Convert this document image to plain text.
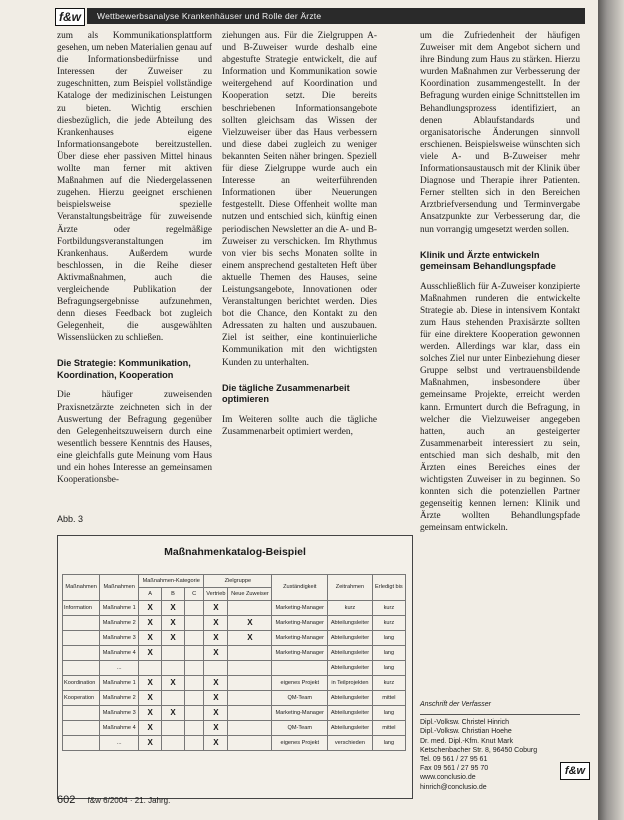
f&w	Wettbewerbsanalyse Krankenhäuser und Rolle der Ärzte

zum als Kommunikationsplattform gesehen, um neben Materialien genau auf die Informationsbedürfnisse und Interessen der Zuweiser zu zugeschnitten, zum Beispiel vollständige Kataloge der medizinischen Leistungen zu bieten. Wichtig erschien diesbezüglich, die jede Abteilung des Krankenhauses eigene Informationsangebote bereitzustellen. Über diese eher passiven Mittel hinaus wollte man ferner mit aktiven Maßnahmen auf die Niedergelassenen zugehen. Hierzu geeignet erschienen beispielsweise spezielle Veranstaltungsbeiträge für zuweisende Ärzte oder regelmäßige Fortbildungsveranstaltungen im Krankenhaus. Außerdem wurde beschlossen, in die Reihe dieser Aktivmaßnahmen, auch die vergleichende Publikation der Befragungsergebnisse aufzunehmen, denn dieses Feedback bot zugleich Gelegenheit, die ausgewählten Wissenslücken zu schließen.

Die Strategie: Kommunikation, Koordination, Kooperation

Die häufiger zuweisenden Praxisnetzärzte zeichneten sich in der Auswertung der Befragung gegenüber den Gelegenheitszuweisern durch eine wesentlich bessere Kenntnis des Hauses, eine gleichfalls gute Meinung vom Haus und ein hohes Interesse an gemeinsamen Kooperationsbe-

ziehungen aus. Für die Zielgruppen A- und B-Zuweiser wurde deshalb eine abgestufte Strategie entwickelt, die auf Information und Kommunikation sowie weitergehend auf Koordination und Kooperation setzt. Die bereits beschriebenen Informationsangebote sollten gleichsam das Wissen der Vielzuweiser über das Haus verbessern und diese dabei zugleich zu weniger bekannten Seiten näher bringen. Speziell für diese Zielgruppe wurde auch ein Interesse an weiterführenden Informationen über Neuerungen festgestellt. Diese Offenheit wollte man nutzen und entschied sich, künftig einen periodischen Newsletter an die A- und B-Zuweiser zu verschicken. Im Rhythmus von vier bis sechs Monaten sollte in einem ansprechend gestalteten Heft über aktuelle Themen des Hauses, seine Leistungsangebote, Innovationen oder Veranstaltungen berichtet werden. Dies bot die Chance, den Kontakt zu den Adressaten zu halten und auszubauen. Ziel ist seither, eine kontinuierliche Kommunikation mit den wichtigsten Kunden zu unterhalten.

Die tägliche Zusammenarbeit optimieren

Im Weiteren sollte auch die tägliche Zusammenarbeit optimiert werden,

um die Zufriedenheit der häufigen Zuweiser mit dem Angebot sichern und ihre Bindung zum Haus zu stärken. Hierzu wurden Maßnahmen zur Verbesserung der Koordination zusammengestellt. In der Befragung wurden einige Schnittstellen im Behandlungsprozess identifiziert, an denen Ablaufstandards und organisatorische Änderungen sinnvoll erschienen. Beispielsweise wünschten sich viele A- und B-Zuweiser mehr Informationsaustausch mit der Klinik über Diagnose und Therapie ihrer Patienten. Ferner stellten sich in den Bereichen Arztbriefversendung und Terminvergabe Ansatzpunkte zur Verbesserung dar, die nun vorrangig umgesetzt werden sollen.

Klinik und Ärzte entwickeln gemeinsam Behandlungspfade

Ausschließlich für A-Zuweiser konzipierte Maßnahmen runderen die entwickelte Strategie ab. Diese in intensivem Kontakt zum Haus stehenden Praxisärzte sollten für eine direktere Kooperation gewonnen werden. Allerdings war klar, dass ein solches Ziel nur unter Einbeziehung dieser Gruppe selbst und vertrauensbildende Maßnahmen, insbesondere über gemeinsame Projekte, erreicht werden kann. Ermuntert durch die Befragung, in welcher die Vielzuweiser angegeben hatten, auch an gesteigerter Zusammenarbeit interessiert zu sein, entschied man sich deshalb, mit den Ärzten eines Bereiches eines der wichtigsten Zuweiser in zu beginnen. So konnten sich die potenziellen Partner gegenseitig kennen lernen: Klinik und Ärzte wollten Behandlungspfade gemeinsam entwickeln.

Abb. 3
Maßnahmenkatalog-Beispiel
Maßnahmen	Maßnahmen	Maßnahmen-Kategorie			Zielgruppe		Zuständigkeit	Zeitrahmen	Erledigt bis
		A	B	C	Vertrieb	Neue Zuweiser			
Information	Maßnahme 1	X	X		X		Marketing-Manager	kurz	kurz
	Maßnahme 2	X	X		X	X	Marketing-Manager	Abteilungsleiter	kurz
	Maßnahme 3	X	X		X	X	Marketing-Manager	Abteilungsleiter	lang
	Maßnahme 4	X			X		Marketing-Manager	Abteilungsleiter	lang
	...							Abteilungsleiter	lang
Koordination	Maßnahme 1	X	X		X		eigenes Projekt	in Teilprojekten	kurz
Kooperation	Maßnahme 2	X			X		QM-Team	Abteilungsleiter	mittel
	Maßnahme 3	X	X		X		Marketing-Manager	Abteilungsleiter	lang
	Maßnahme 4	X			X		QM-Team	Abteilungsleiter	mittel
	...	X			X		eigenes Projekt	verschieden	lang
Anschrift der Verfasser
Dipl.-Volksw. Christel Hinrich
Dipl.-Volksw. Christian Hoehe
Dr. med. Dipl.-Kfm. Knut Mark
Ketschenbacher Str. 8, 96450 Coburg
Tel. 09 561 / 27 95 61
Fax 09 561 / 27 95 70
www.conclusio.de
hinrich@conclusio.de
f&w
602 f&w 6/2004 · 21. Jahrg.
